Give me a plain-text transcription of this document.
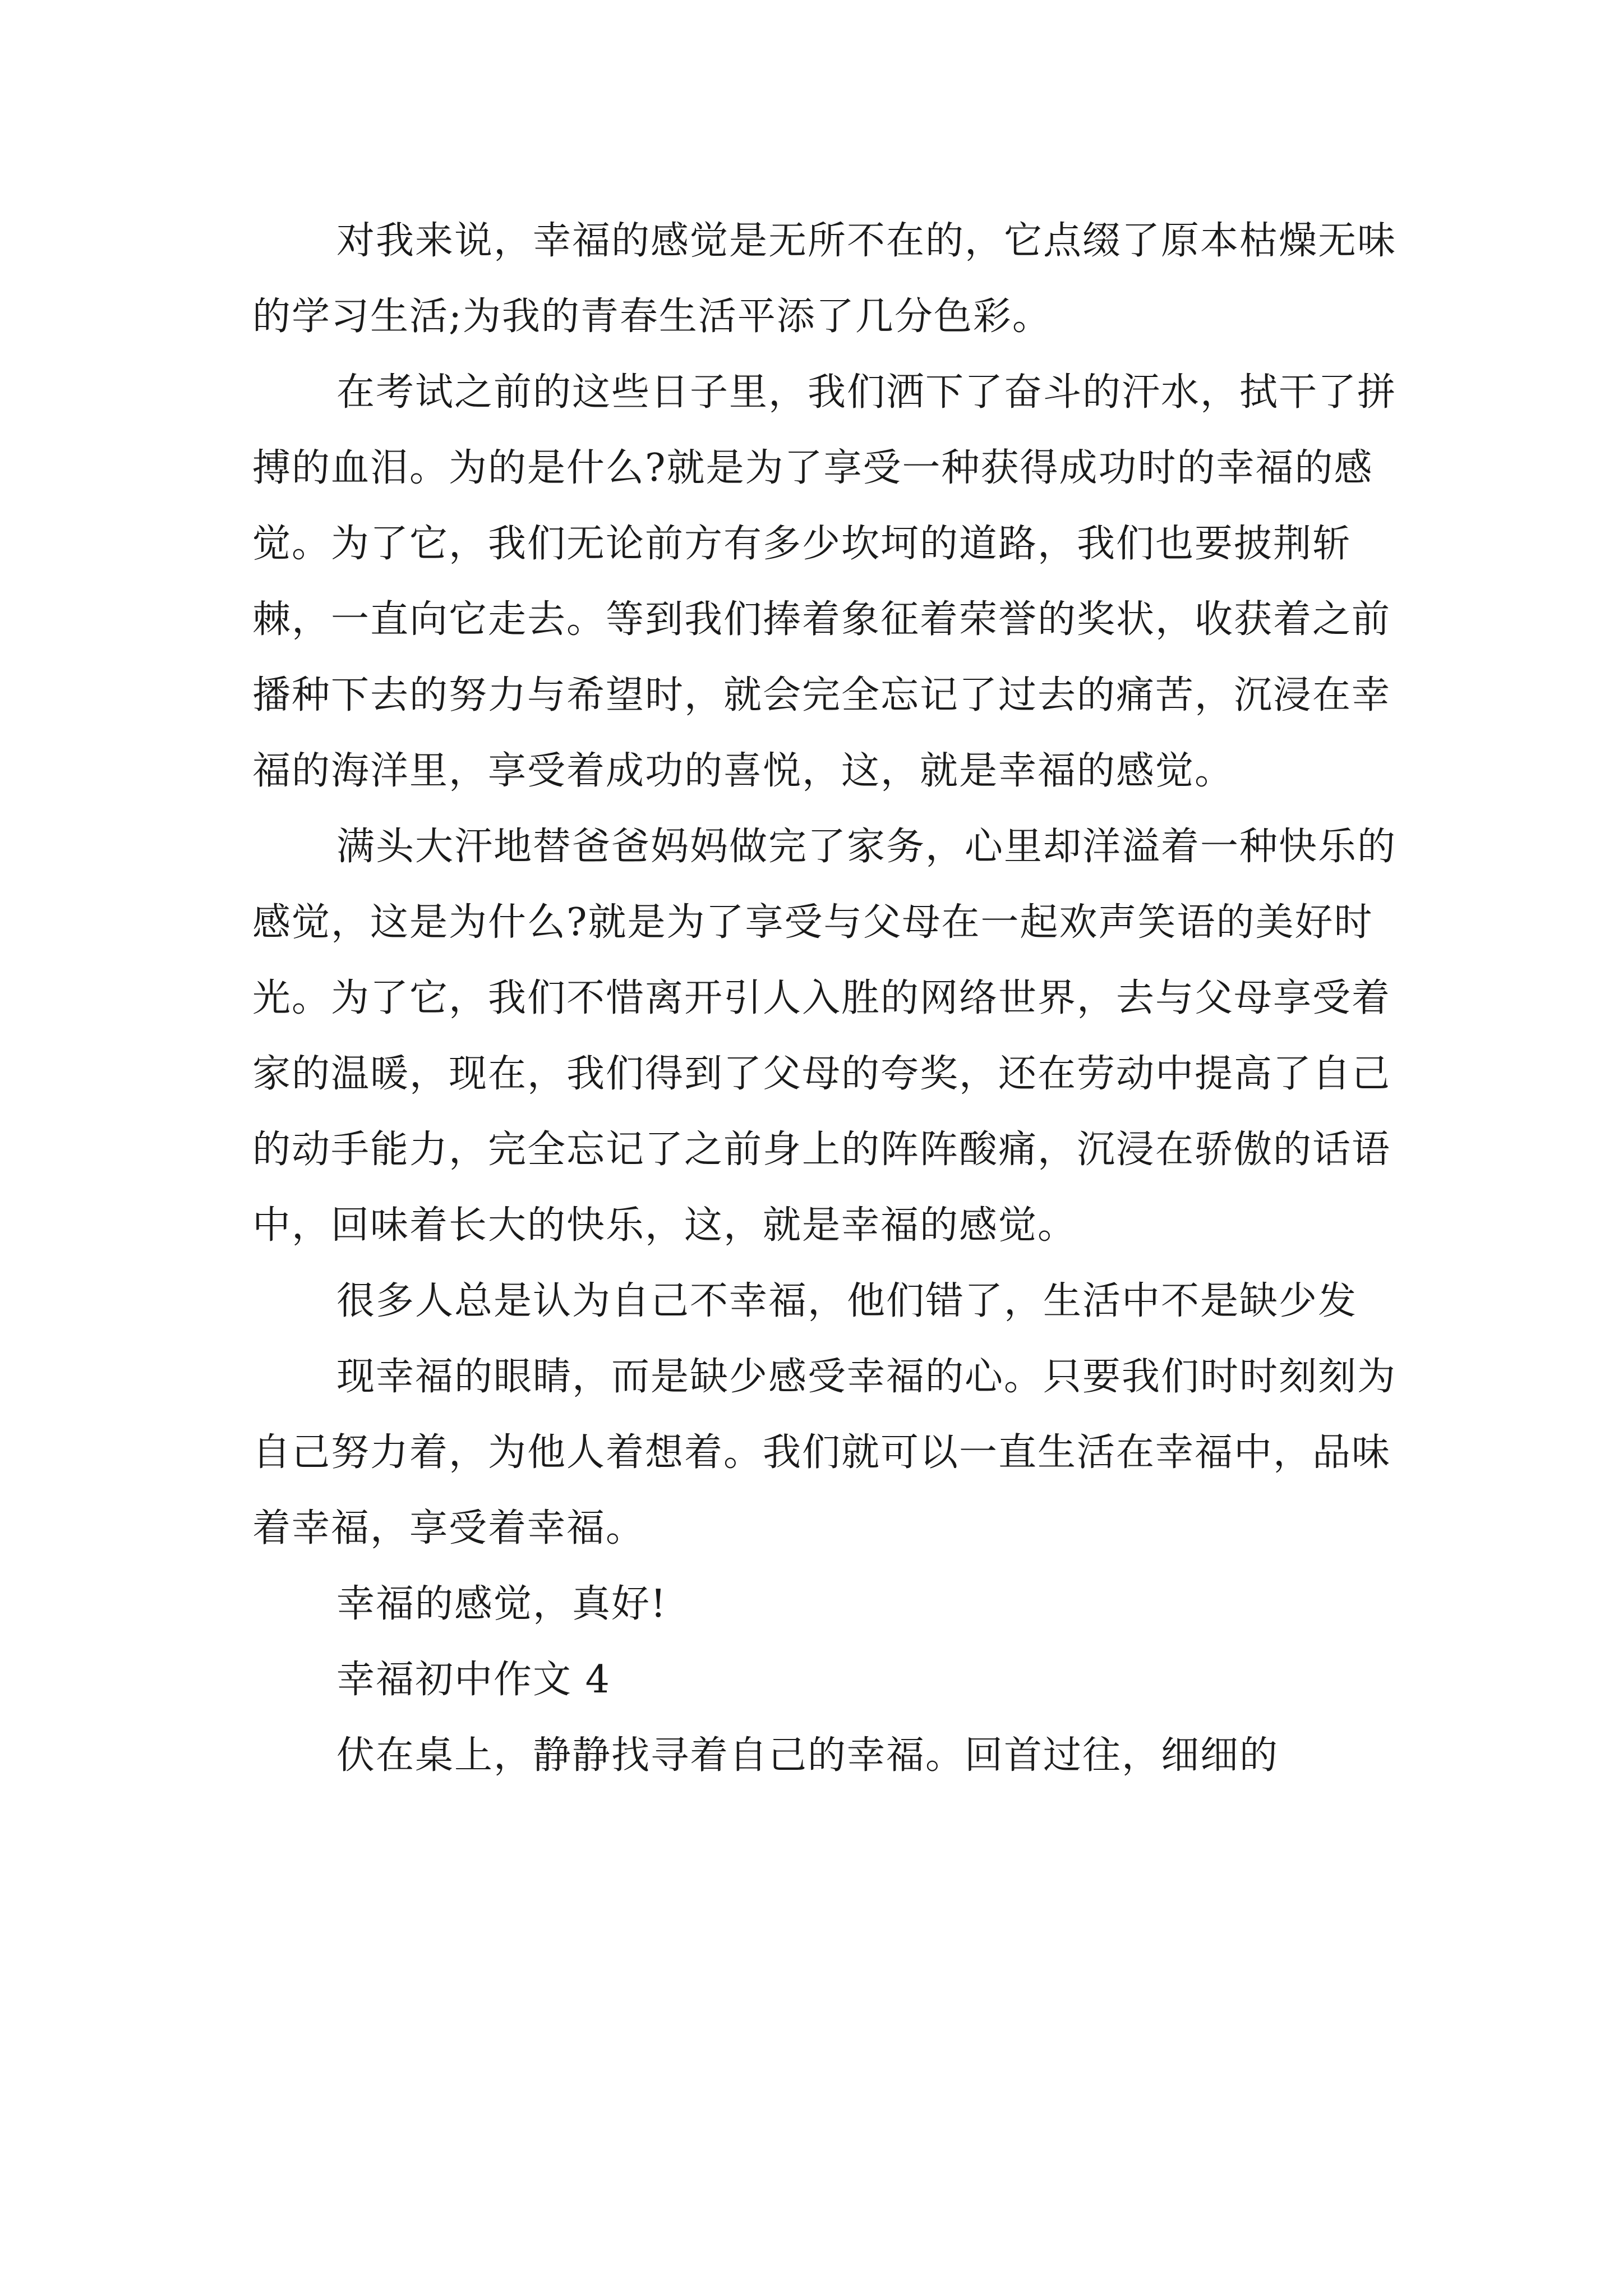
对我来说，幸福的感觉是无所不在的，它点缀了原本枯燥无味的学习生活;为我的青春生活平添了几分色彩。

在考试之前的这些日子里，我们洒下了奋斗的汗水，拭干了拼搏的血泪。为的是什么?就是为了享受一种获得成功时的幸福的感觉。为了它，我们无论前方有多少坎坷的道路，我们也要披荆斩棘，一直向它走去。等到我们捧着象征着荣誉的奖状，收获着之前播种下去的努力与希望时，就会完全忘记了过去的痛苦，沉浸在幸福的海洋里，享受着成功的喜悦，这，就是幸福的感觉。

满头大汗地替爸爸妈妈做完了家务，心里却洋溢着一种快乐的感觉，这是为什么?就是为了享受与父母在一起欢声笑语的美好时光。为了它，我们不惜离开引人入胜的网络世界，去与父母享受着家的温暖，现在，我们得到了父母的夸奖，还在劳动中提高了自己的动手能力，完全忘记了之前身上的阵阵酸痛，沉浸在骄傲的话语中，回味着长大的快乐，这，就是幸福的感觉。

很多人总是认为自己不幸福，他们错了，生活中不是缺少发

现幸福的眼睛，而是缺少感受幸福的心。只要我们时时刻刻为自己努力着，为他人着想着。我们就可以一直生活在幸福中，品味着幸福，享受着幸福。

幸福的感觉，真好!

幸福初中作文 4

伏在桌上，静静找寻着自己的幸福。回首过往，细细的
